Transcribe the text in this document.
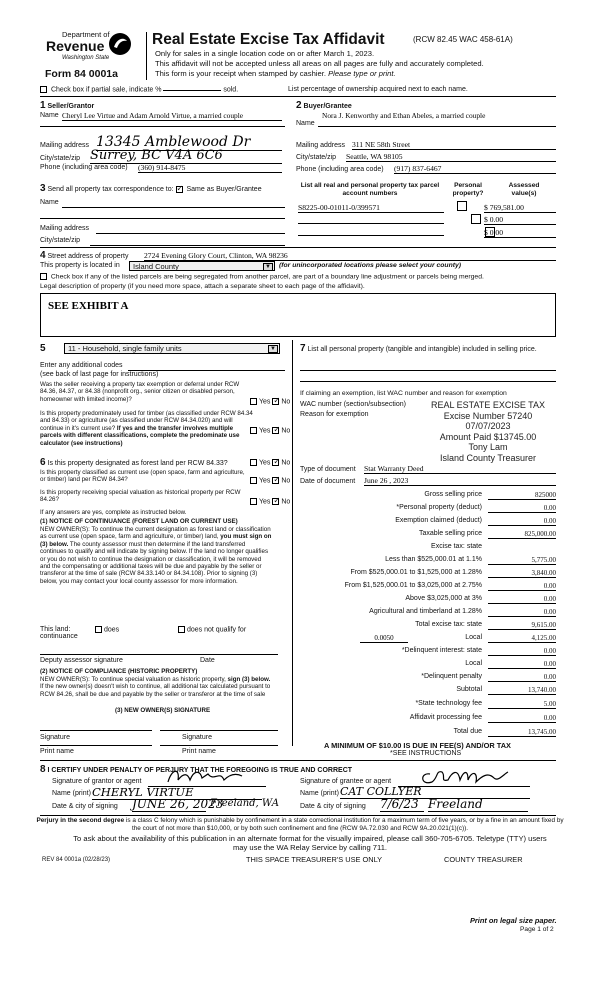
Department of
Revenue
Washington State
Form 84 0001a
Real Estate Excise Tax Affidavit	(RCW 82.45 WAC 458-61A)
Only for sales in a single location code on or after March 1, 2023.
This affidavit will not be accepted unless all areas on all pages are fully and accurately completed.
This form is your receipt when stamped by cashier. Please type or print.
Check box if partial sale, indicate %	sold.	List percentage of ownership acquired next to each name.
1 Seller/Grantor
Name Cheryl Lee Virtue and Adam Arnold Virtue, a married couple
Mailing address 13345 Amblewood Dr
City/state/zip Surrey, BC V4A 6C6
Phone (including area code) (360) 914-8475
2 Buyer/Grantee
Nora J. Kenworthy and Ethan Abeles, a married couple
Name
Mailing address 311 NE 58th Street
City/state/zip Seattle, WA 98105
Phone (including area code) (917) 837-6467
3 Send all property tax correspondence to: ✓ Same as Buyer/Grantee
Name
Mailing address
City/state/zip
List all real and personal property tax parcel account numbers
Personal property?
Assessed value(s)
S8225-00-01011-0/399571
	$ 769,581.00
$ 0.00
$ 0.00
4 Street address of property 2724 Evening Glory Court, Clinton, WA 98236
This property is located in	Island County	▼ (for unincorporated locations please select your county)
Check box if any of the listed parcels are being segregated from another parcel, are part of a boundary line adjustment or parcels being merged.
Legal description of property (if you need more space, attach a separate sheet to each page of the affidavit).
SEE EXHIBIT A
5	11 - Household, single family units	▼
Enter any additional codes
(see back of last page for instructions)
Was the seller receiving a property tax exemption or deferral under RCW 84.36, 84.37, or 84.38 (nonprofit org., senior citizen or disabled person, homeowner with limited income)?	Yes ✓ No
Is this property predominately used for timber (as classified under RCW 84.34 and 84.33) or agriculture (as classified under RCW 84.34.020) and will continue in it's current use? If yes and the transfer involves multiple parcels with different classifications, complete the predominate use calculator (see instructions)
Yes ✓ No
6 Is this property designated as forest land per RCW 84.33?	Yes ✓ No
Is this property classified as current use (open space, farm and agriculture, or timber) land per RCW 84.34?	Yes ✓ No
Is this property receiving special valuation as historical property per RCW 84.26?	Yes ✓ No
If any answers are yes, complete as instructed below.
(1) NOTICE OF CONTINUANCE (FOREST LAND OR CURRENT USE)
NEW OWNER(S): To continue the current designation as forest land or classification as current use (open space, farm and agriculture, or timber) land, you must sign on (3) below. The county assessor must then determine if the land transferred continues to qualify and will indicate by signing below. If the land no longer qualifies or you do not wish to continue the designation or classification, it will be removed and the compensating or additional taxes will be due and payable by the seller or transferor at the time of sale (RCW 84.33.140 or 84.34.108). Prior to signing (3) below, you may contact your local county assessor for more information.
This land:	does	does not qualify for
continuance
Deputy assessor signature	Date
(2) NOTICE OF COMPLIANCE (HISTORIC PROPERTY)
NEW OWNER(S): To continue special valuation as historic property, sign (3) below. If the new owner(s) doesn't wish to continue, all additional tax calculated pursuant to RCW 84.26, shall be due and payable by the seller or transferor at the time of sale
(3) NEW OWNER(S) SIGNATURE
Signature	Signature
Print name	Print name
7 List all personal property (tangible and intangible) included in selling price.
If claiming an exemption, list WAC number and reason for exemption
WAC number (section/subsection)
Reason for exemption
REAL ESTATE EXCISE TAX
Excise Number 57240
07/07/2023
Amount Paid $13745.00
Tony Lam
Island County Treasurer
Type of document Stat Warranty Deed
Date of document June 26 , 2023
Gross selling price	825000
*Personal property (deduct)	0.00
Exemption claimed (deduct)	0.00
Taxable selling price	825,000.00
Excise tax: state
Less than $525,000.01 at 1.1%	5,775.00
From $525,000.01 to $1,525,000 at 1.28%	3,840.00
From $1,525,000.01 to $3,025,000 at 2.75%	0.00
Above $3,025,000 at 3%	0.00
Agricultural and timberland at 1.28%	0.00
Total excise tax: state	9,615.00
0.0050	Local	4,125.00
*Delinquent interest: state	0.00
Local	0.00
*Delinquent penalty	0.00
Subtotal	13,740.00
*State technology fee	5.00
Affidavit processing fee	0.00
Total due	13,745.00
A MINIMUM OF $10.00 IS DUE IN FEE(S) AND/OR TAX
*SEE INSTRUCTIONS
8 I CERTIFY UNDER PENALTY OF PERJURY THAT THE FOREGOING IS TRUE AND CORRECT
Signature of grantor or agent
Name (print) CHERYL VIRTUE
Date & city of signing JUNE 26, 2023
Freeland, WA
Signature of grantee or agent
Name (print) CAT COLLYER
Date & city of signing 7/6/23 Freeland
Perjury in the second degree is a class C felony which is punishable by confinement in a state correctional institution for a maximum term of five years, or by a fine in an amount fixed by the court of not more than $10,000, or by both such confinement and fine (RCW 9A.72.030 and RCW 9A.20.021(1)(c)).
To ask about the availability of this publication in an alternate format for the visually impaired, please call 360-705-6705. Teletype (TTY) users may use the WA Relay Service by calling 711.
REV 84 0001a (02/28/23)	THIS SPACE TREASURER'S USE ONLY	COUNTY TREASURER
Print on legal size paper.
Page 1 of 2
